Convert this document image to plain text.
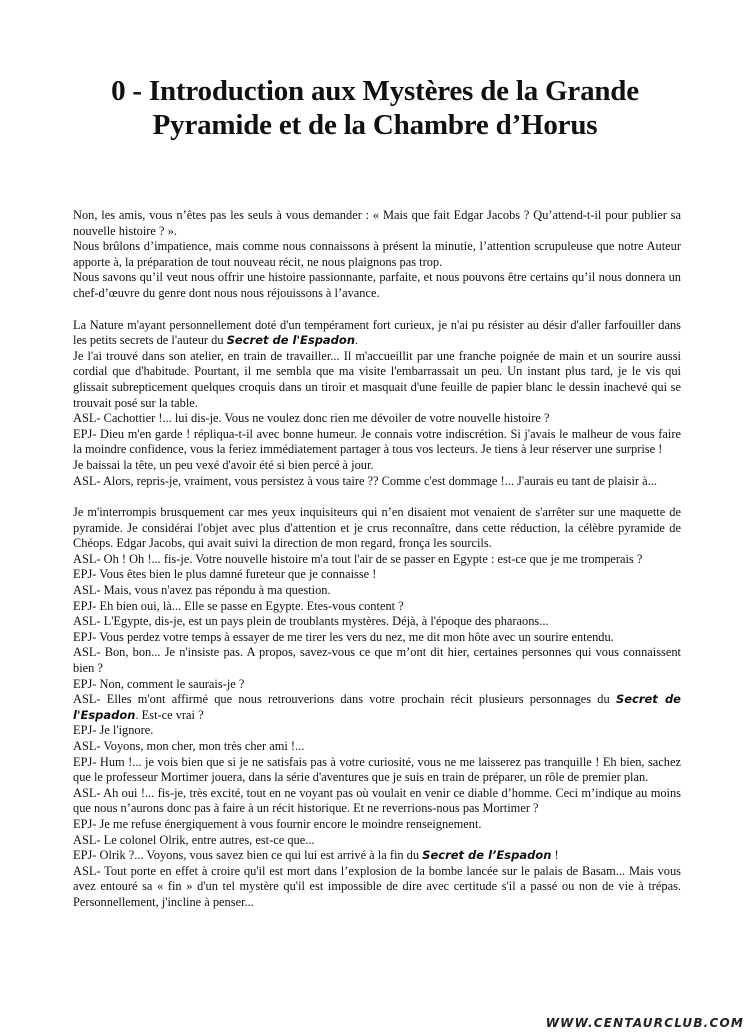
0 - Introduction aux Mystères de la Grande
Pyramide et de la Chambre d’Horus

Non, les amis, vous n’êtes pas les seuls à vous demander : « Mais que fait Edgar Jacobs ? Qu’attend-t-il pour publier sa nouvelle histoire ? ».

Nous brûlons d’impatience, mais comme nous connaissons à présent la minutie, l’attention scrupuleuse que notre Auteur apporte à, la préparation de tout nouveau récit, ne nous plaignons pas trop.

Nous savons qu’il veut nous offrir une histoire passionnante, parfaite, et nous pouvons être certains qu’il nous donnera un chef-d’œuvre du genre dont nous nous réjouissons à l’avance.

La Nature m'ayant personnellement doté d'un tempérament fort curieux, je n'ai pu résister au désir d'aller farfouiller dans les petits secrets de l'auteur du Secret de l'Espadon.

Je l'ai trouvé dans son atelier, en train de travailler... Il m'accueillit par une franche poignée de main et un sourire aussi cordial que d'habitude. Pourtant, il me sembla que ma visite l'embarrassait un peu. Un instant plus tard, je le vis qui glissait subrepticement quelques croquis dans un tiroir et masquait d'une feuille de papier blanc le dessin inachevé qui se trouvait posé sur la table.

ASL- Cachottier !... lui dis-je. Vous ne voulez donc rien me dévoiler de votre nouvelle histoire ?

EPJ- Dieu m'en garde ! répliqua-t-il avec bonne humeur. Je connais votre indiscrétion. Si j'avais le malheur de vous faire la moindre confidence, vous la feriez immédiatement partager à tous vos lecteurs. Je tiens à leur réserver une surprise !

Je baissai la tête, un peu vexé d'avoir été si bien percé à jour.

ASL- Alors, repris-je, vraiment, vous persistez à vous taire ?? Comme c'est dommage !... J'aurais eu tant de plaisir à...

Je m'interrompis brusquement car mes yeux inquisiteurs qui n’en disaient mot venaient de s'arrêter sur une maquette de pyramide. Je considérai l'objet avec plus d'attention et je crus reconnaître, dans cette réduction, la célèbre pyramide de Chéops. Edgar Jacobs, qui avait suivi la direction de mon regard, fronça les sourcils.

ASL- Oh ! Oh !... fis-je. Votre nouvelle histoire m'a tout l'air de se passer en Egypte : est-ce que je me tromperais ?

EPJ- Vous êtes bien le plus damné fureteur que je connaisse !

ASL- Mais, vous n'avez pas répondu à ma question.

EPJ- Eh bien oui, là... Elle se passe en Egypte. Etes-vous content ?

ASL- L'Egypte, dis-je, est un pays plein de troublants mystères. Déjà, à l'époque des pharaons...

EPJ- Vous perdez votre temps à essayer de me tirer les vers du nez, me dit mon hôte avec un sourire entendu.

ASL- Bon, bon... Je n'insiste pas. A propos, savez-vous ce que m’ont dit hier, certaines personnes qui vous connaissent bien ?

EPJ- Non, comment le saurais-je ?

ASL- Elles m'ont affirmé que nous retrouverions dans votre prochain récit plusieurs personnages du Secret de l'Espadon. Est-ce vrai ?

EPJ- Je l'ignore.

ASL- Voyons, mon cher, mon très cher ami !...

EPJ- Hum !... je vois bien que si je ne satisfais pas à votre curiosité, vous ne me laisserez pas tranquille ! Eh bien, sachez que le professeur Mortimer jouera, dans la série d'aventures que je suis en train de préparer, un rôle de premier plan.

ASL- Ah oui !... fis-je, très excité, tout en ne voyant pas où voulait en venir ce diable d’homme. Ceci m’indique au moins que nous n’aurons donc pas à faire à un récit historique. Et ne reverrions-nous pas Mortimer ?

EPJ- Je me refuse énergiquement à vous fournir encore le moindre renseignement.

ASL- Le colonel Olrik, entre autres, est-ce que...

EPJ- Olrik ?... Voyons, vous savez bien ce qui lui est arrivé à la fin du Secret de l’Espadon !

ASL- Tout porte en effet à croire qu'il est mort dans l’explosion de la bombe lancée sur le palais de Basam... Mais vous avez entouré sa « fin » d'un tel mystère qu'il est impossible de dire avec certitude s'il a passé ou non de vie à trépas. Personnellement, j'incline à penser...

WWW.CENTAURCLUB.COM
